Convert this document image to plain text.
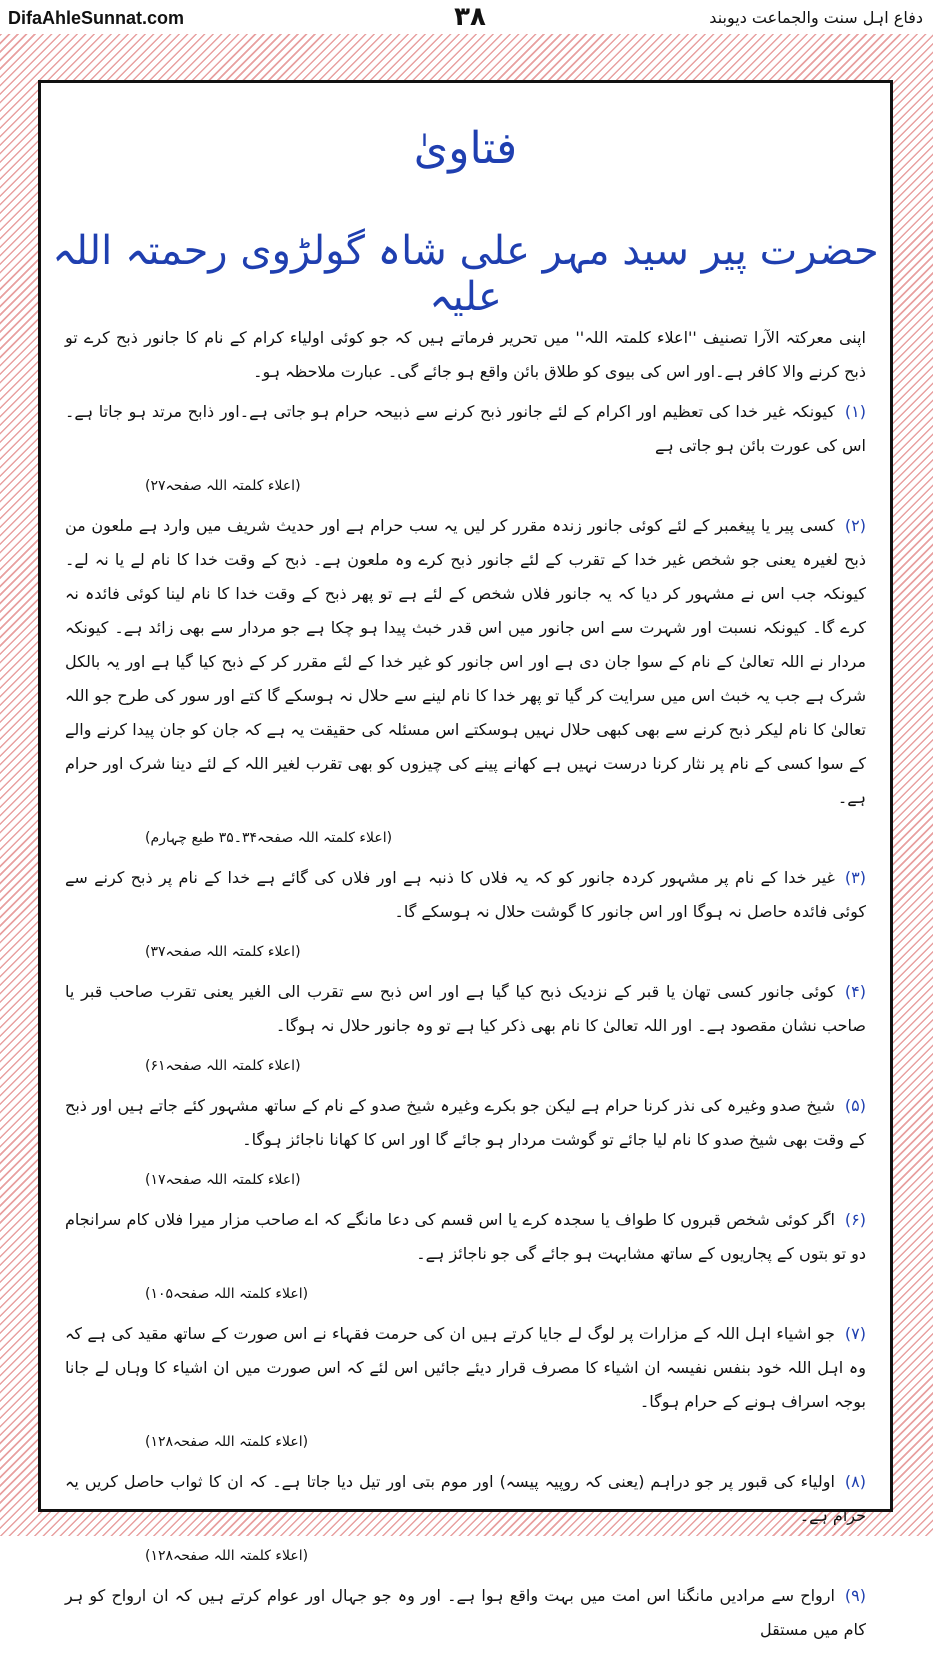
DifaAhleSunnat.com	۳۸	دفاع اہل سنت والجماعت دیوبند
فتاویٰ
حضرت پیر سید مہر علی شاہ گولڑوی رحمتہ اللہ علیہ

اپنی معرکتہ الآرا تصنیف ''اعلاء کلمتہ اللہ'' میں تحریر فرماتے ہیں کہ جو کوئی اولیاء کرام کے نام کا جانور ذبح کرے تو ذبح کرنے والا کافر ہے۔اور اس کی بیوی کو طلاق بائن واقع ہو جائے گی۔ عبارت ملاحظہ ہو۔

(۱)کیونکہ غیر خدا کی تعظیم اور اکرام کے لئے جانور ذبح کرنے سے ذبیحہ حرام ہو جاتی ہے۔اور ذابح مرتد ہو جاتا ہے۔اس کی عورت بائن ہو جاتی ہے

(اعلاء کلمتہ اللہ صفحہ۲۷)

(۲)کسی پیر یا پیغمبر کے لئے کوئی جانور زندہ مقرر کر لیں یہ سب حرام ہے اور حدیث شریف میں وارد ہے ملعون من ذبح لغیرہ یعنی جو شخص غیر خدا کے تقرب کے لئے جانور ذبح کرے وہ ملعون ہے۔ ذبح کے وقت خدا کا نام لے یا نہ لے۔ کیونکہ جب اس نے مشہور کر دیا کہ یہ جانور فلاں شخص کے لئے ہے تو پھر ذبح کے وقت خدا کا نام لینا کوئی فائدہ نہ کرے گا۔ کیونکہ نسبت اور شہرت سے اس جانور میں اس قدر خبث پیدا ہو چکا ہے جو مردار سے بھی زائد ہے۔ کیونکہ مردار نے اللہ تعالیٰ کے نام کے سوا جان دی ہے اور اس جانور کو غیر خدا کے لئے مقرر کر کے ذبح کیا گیا ہے اور یہ بالکل شرک ہے جب یہ خبث اس میں سرایت کر گیا تو پھر خدا کا نام لینے سے حلال نہ ہوسکے گا کتے اور سور کی طرح جو اللہ تعالیٰ کا نام لیکر ذبح کرنے سے بھی کبھی حلال نہیں ہوسکتے اس مسئلہ کی حقیقت یہ ہے کہ جان کو جان پیدا کرنے والے کے سوا کسی کے نام پر نثار کرنا درست نہیں ہے کھانے پینے کی چیزوں کو بھی تقرب لغیر اللہ کے لئے دینا شرک اور حرام ہے۔

(اعلاء کلمتہ اللہ صفحہ۳۴۔۳۵ طبع چہارم)

(۳)غیر خدا کے نام پر مشہور کردہ جانور کو کہ یہ فلاں کا ذنبہ ہے اور فلاں کی گائے ہے خدا کے نام پر ذبح کرنے سے کوئی فائدہ حاصل نہ ہوگا اور اس جانور کا گوشت حلال نہ ہوسکے گا۔

(اعلاء کلمتہ اللہ صفحہ۳۷)

(۴)کوئی جانور کسی تھان یا قبر کے نزدیک ذبح کیا گیا ہے اور اس ذبح سے تقرب الی الغیر یعنی تقرب صاحب قبر یا صاحب نشان مقصود ہے۔ اور اللہ تعالیٰ کا نام بھی ذکر کیا ہے تو وہ جانور حلال نہ ہوگا۔

(اعلاء کلمتہ اللہ صفحہ۶۱)

(۵)شیخ صدو وغیرہ کی نذر کرنا حرام ہے لیکن جو بکرے وغیرہ شیخ صدو کے نام کے ساتھ مشہور کئے جاتے ہیں اور ذبح کے وقت بھی شیخ صدو کا نام لیا جائے تو گوشت مردار ہو جائے گا اور اس کا کھانا ناجائز ہوگا۔

(اعلاء کلمتہ اللہ صفحہ۱۷)

(۶)اگر کوئی شخص قبروں کا طواف یا سجدہ کرے یا اس قسم کی دعا مانگے کہ اے صاحب مزار میرا فلاں کام سرانجام دو تو بتوں کے پجاریوں کے ساتھ مشابہت ہو جائے گی جو ناجائز ہے۔

(اعلاء کلمتہ اللہ صفحہ۱۰۵)

(۷)جو اشیاء اہل اللہ کے مزارات پر لوگ لے جایا کرتے ہیں ان کی حرمت فقہاء نے اس صورت کے ساتھ مقید کی ہے کہ وہ اہل اللہ خود بنفس نفیسہ ان اشیاء کا مصرف قرار دیئے جائیں اس لئے کہ اس صورت میں ان اشیاء کا وہاں لے جانا بوجہ اسراف ہونے کے حرام ہوگا۔

(اعلاء کلمتہ اللہ صفحہ۱۲۸)

(۸)اولیاء کی قبور پر جو دراہم (یعنی کہ روپیہ پیسہ) اور موم بتی اور تیل دیا جاتا ہے۔ کہ ان کا ثواب حاصل کریں یہ حرام ہے۔

(اعلاء کلمتہ اللہ صفحہ۱۲۸)

(۹)ارواح سے مرادیں مانگنا اس امت میں بہت واقع ہوا ہے۔ اور وہ جو جہال اور عوام کرتے ہیں کہ ان ارواح کو ہر کام میں مستقل
